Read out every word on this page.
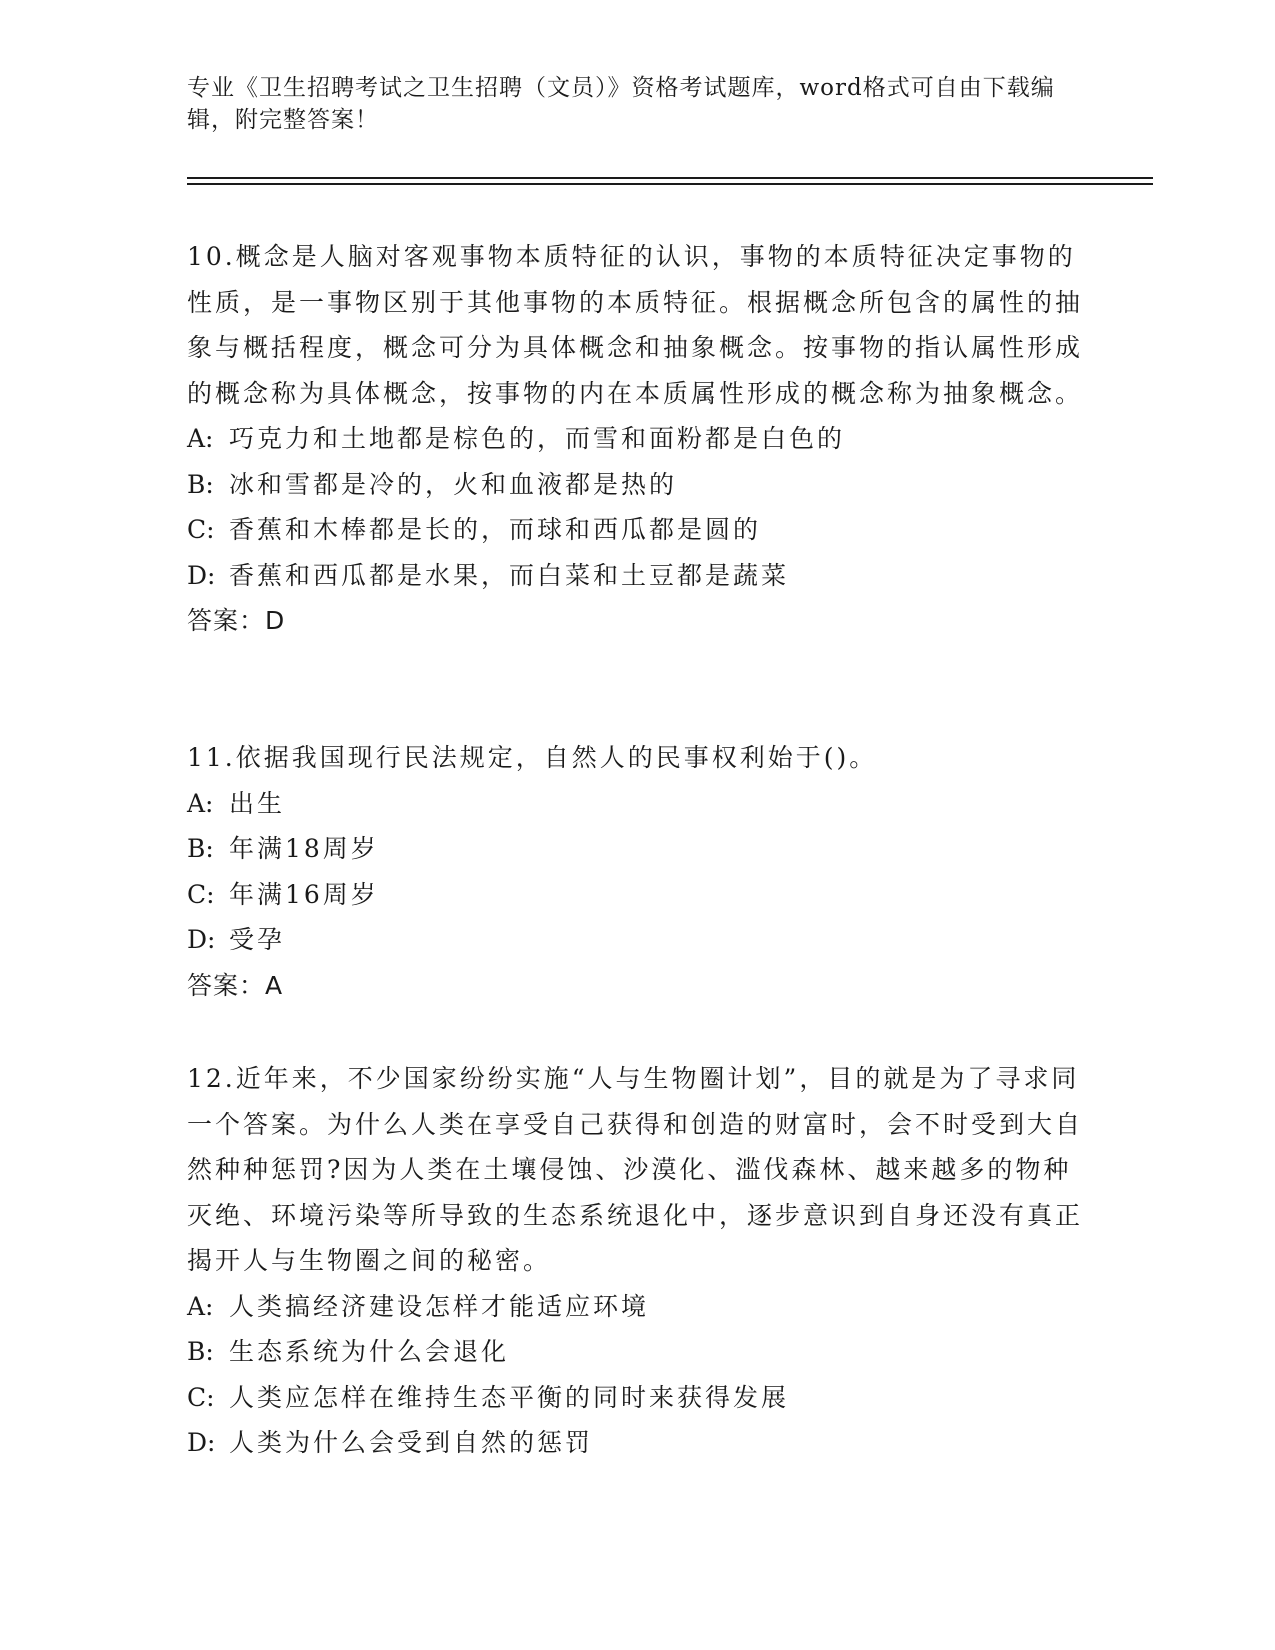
专业《卫生招聘考试之卫生招聘（文员）》资格考试题库，word格式可自由下载编辑，附完整答案！
10.概念是人脑对客观事物本质特征的认识，事物的本质特征决定事物的性质，是一事物区别于其他事物的本质特征。根据概念所包含的属性的抽象与概括程度，概念可分为具体概念和抽象概念。按事物的指认属性形成的概念称为具体概念，按事物的内在本质属性形成的概念称为抽象概念。
A: 巧克力和土地都是棕色的，而雪和面粉都是白色的
B: 冰和雪都是冷的，火和血液都是热的
C: 香蕉和木棒都是长的，而球和西瓜都是圆的
D: 香蕉和西瓜都是水果，而白菜和土豆都是蔬菜
答案：D
11.依据我国现行民法规定，自然人的民事权利始于()。
A: 出生
B: 年满18周岁
C: 年满16周岁
D: 受孕
答案：A
12.近年来，不少国家纷纷实施“人与生物圈计划”，目的就是为了寻求同一个答案。为什么人类在享受自己获得和创造的财富时，会不时受到大自然种种惩罚?因为人类在土壤侵蚀、沙漠化、滥伐森林、越来越多的物种灭绝、环境污染等所导致的生态系统退化中，逐步意识到自身还没有真正揭开人与生物圈之间的秘密。
A: 人类搞经济建设怎样才能适应环境
B: 生态系统为什么会退化
C: 人类应怎样在维持生态平衡的同时来获得发展
D: 人类为什么会受到自然的惩罚
